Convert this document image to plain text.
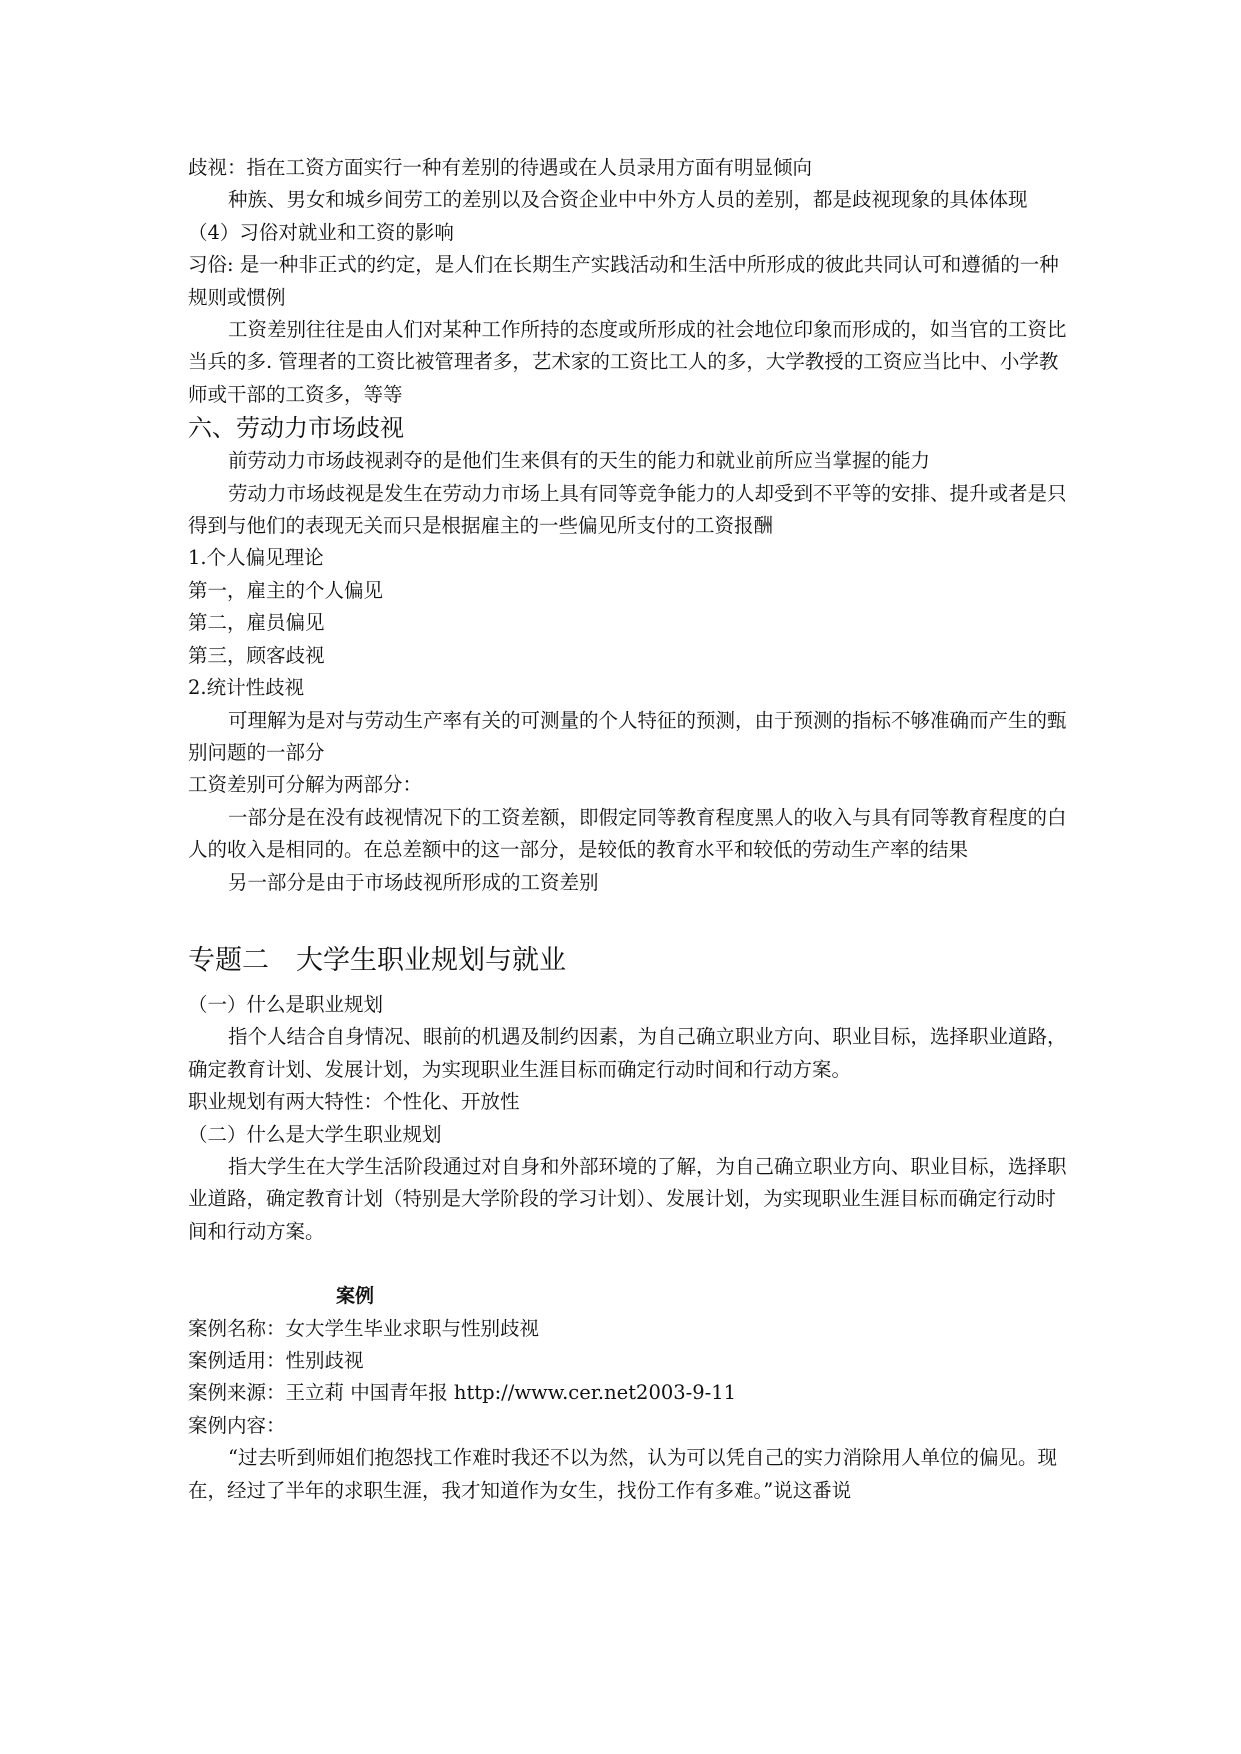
歧视：指在工资方面实行一种有差别的待遇或在人员录用方面有明显倾向

种族、男女和城乡间劳工的差别以及合资企业中中外方人员的差别，都是歧视现象的具体体现

（4）习俗对就业和工资的影响

习俗: 是一种非正式的约定，是人们在长期生产实践活动和生活中所形成的彼此共同认可和遵循的一种规则或惯例

工资差别往往是由人们对某种工作所持的态度或所形成的社会地位印象而形成的，如当官的工资比当兵的多. 管理者的工资比被管理者多，艺术家的工资比工人的多，大学教授的工资应当比中、小学教师或干部的工资多，等等

六、劳动力市场歧视

前劳动力市场歧视剥夺的是他们生来俱有的天生的能力和就业前所应当掌握的能力

劳动力市场歧视是发生在劳动力市场上具有同等竞争能力的人却受到不平等的安排、提升或者是只得到与他们的表现无关而只是根据雇主的一些偏见所支付的工资报酬

1.个人偏见理论

第一，雇主的个人偏见

第二，雇员偏见

第三，顾客歧视

2.统计性歧视

可理解为是对与劳动生产率有关的可测量的个人特征的预测，由于预测的指标不够准确而产生的甄别问题的一部分

工资差别可分解为两部分：

一部分是在没有歧视情况下的工资差额，即假定同等教育程度黑人的收入与具有同等教育程度的白人的收入是相同的。在总差额中的这一部分，是较低的教育水平和较低的劳动生产率的结果

另一部分是由于市场歧视所形成的工资差别

专题二　大学生职业规划与就业

（一）什么是职业规划

指个人结合自身情况、眼前的机遇及制约因素，为自己确立职业方向、职业目标，选择职业道路，确定教育计划、发展计划，为实现职业生涯目标而确定行动时间和行动方案。

职业规划有两大特性：个性化、开放性

（二）什么是大学生职业规划

指大学生在大学生活阶段通过对自身和外部环境的了解，为自己确立职业方向、职业目标，选择职业道路，确定教育计划（特别是大学阶段的学习计划）、发展计划，为实现职业生涯目标而确定行动时间和行动方案。

案例

案例名称：女大学生毕业求职与性别歧视

案例适用：性别歧视

案例来源：王立莉 中国青年报 http://www.cer.net2003-9-11

案例内容：

“过去听到师姐们抱怨找工作难时我还不以为然，认为可以凭自己的实力消除用人单位的偏见。现在，经过了半年的求职生涯，我才知道作为女生，找份工作有多难。”说这番说
